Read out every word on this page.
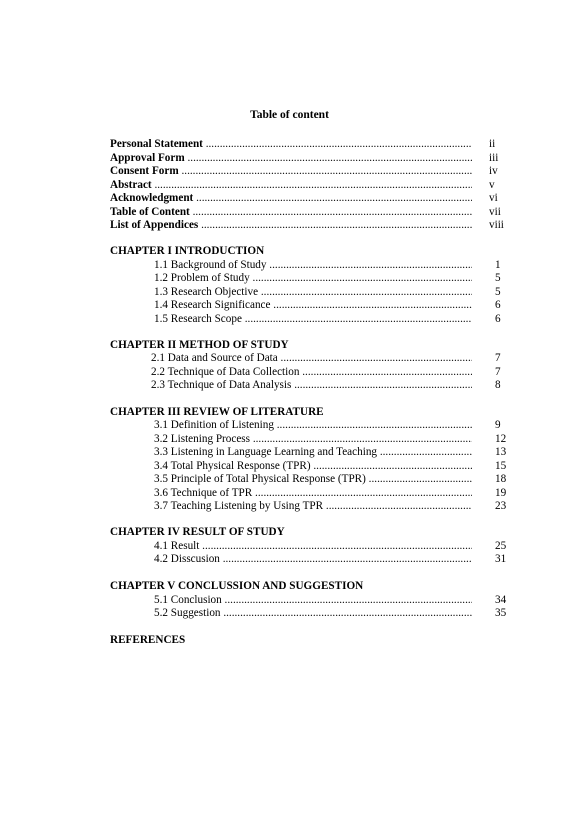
Table of content
Personal Statement .....	ii
Approval Form .....	iii
Consent Form .....	iv
Abstract .....	v
Acknowledgment .....	vi
Table of Content .....	vii
List of Appendices .....	viii
CHAPTER I INTRODUCTION
1.1 Background of Study .....	1
1.2 Problem of Study .....	5
1.3 Research Objective .....	5
1.4 Research Significance .....	6
1.5 Research Scope .....	6
CHAPTER II METHOD OF STUDY
2.1 Data and Source of Data .....	7
2.2 Technique of Data Collection .....	7
2.3 Technique of Data Analysis .....	8
CHAPTER III REVIEW OF LITERATURE
3.1 Definition of Listening .....	9
3.2 Listening Process .....	12
3.3 Listening in Language Learning and Teaching .....	13
3.4 Total Physical Response (TPR) .....	15
3.5 Principle of Total Physical Response (TPR) .....	18
3.6 Technique of TPR .....	19
3.7 Teaching Listening by Using TPR .....	23
CHAPTER IV RESULT OF STUDY
4.1 Result .....	25
4.2 Disscusion .....	31
CHAPTER V CONCLUSSION AND SUGGESTION
5.1 Conclusion .....	34
5.2 Suggestion .....	35
REFERENCES
